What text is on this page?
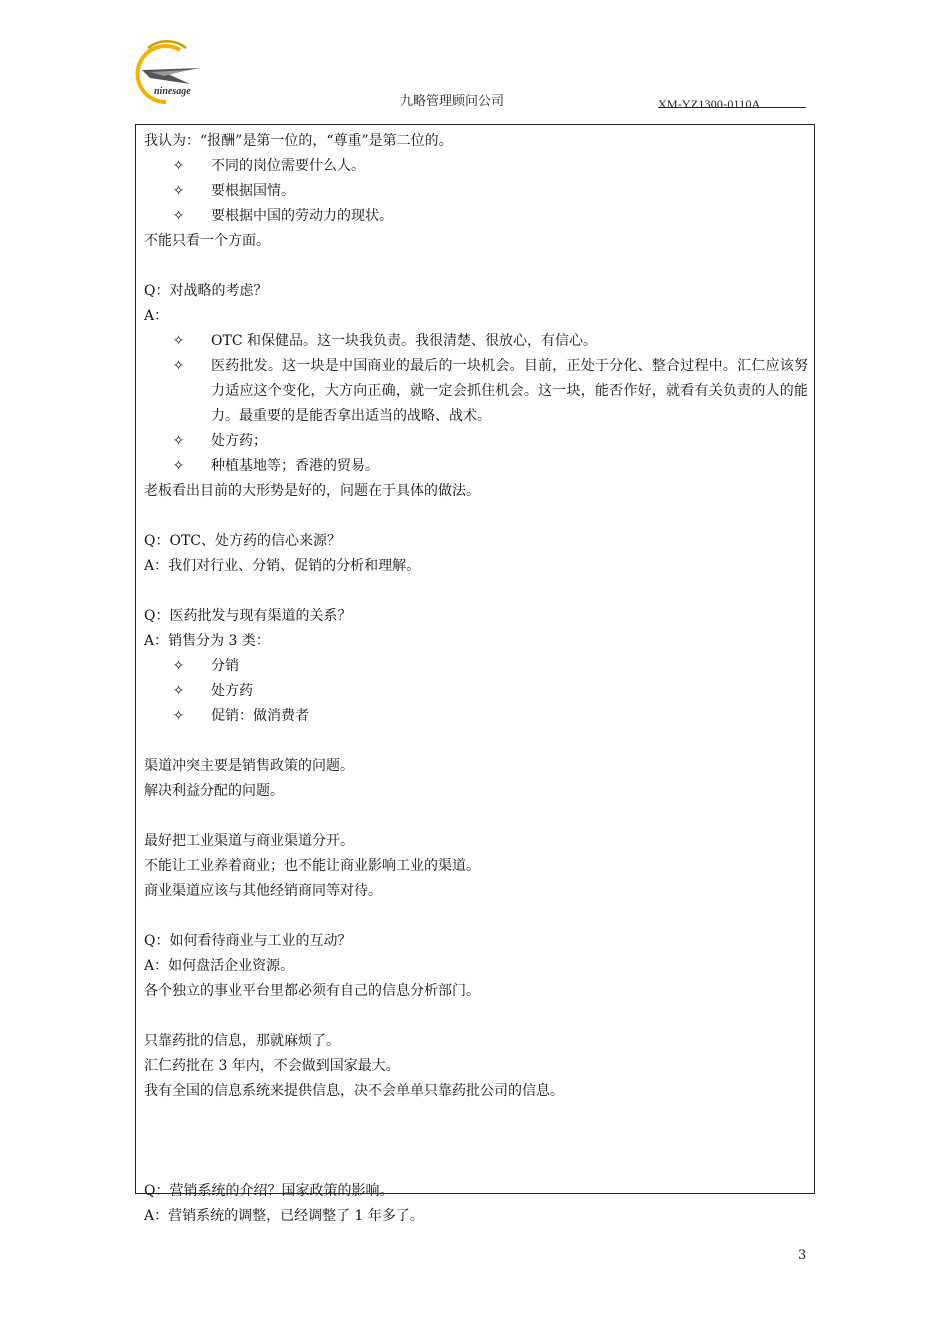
ninesage
九略管理顾问公司	XM-YZ1300-0110A
我认为：“报酬”是第一位的，“尊重”是第二位的。
✧	不同的岗位需要什么人。
✧	要根据国情。
✧	要根据中国的劳动力的现状。
不能只看一个方面。
Q：对战略的考虑？
A：
✧	OTC 和保健品。这一块我负责。我很清楚、很放心，有信心。
✧	医药批发。这一块是中国商业的最后的一块机会。目前，正处于分化、整合过程中。汇仁应该努力适应这个变化，大方向正确，就一定会抓住机会。这一块，能否作好，就看有关负责的人的能力。最重要的是能否拿出适当的战略、战术。
✧	处方药；
✧	种植基地等；香港的贸易。
老板看出目前的大形势是好的，问题在于具体的做法。
Q：OTC、处方药的信心来源？
A：我们对行业、分销、促销的分析和理解。
Q：医药批发与现有渠道的关系？
A：销售分为 3 类：
✧	分销
✧	处方药
✧	促销：做消费者
渠道冲突主要是销售政策的问题。
解决利益分配的问题。
最好把工业渠道与商业渠道分开。
不能让工业养着商业；也不能让商业影响工业的渠道。
商业渠道应该与其他经销商同等对待。
Q：如何看待商业与工业的互动？
A：如何盘活企业资源。
各个独立的事业平台里都必须有自己的信息分析部门。
只靠药批的信息，那就麻烦了。
汇仁药批在 3 年内，不会做到国家最大。
我有全国的信息系统来提供信息，决不会单单只靠药批公司的信息。
Q：营销系统的介绍？国家政策的影响。
A：营销系统的调整，已经调整了 1 年多了。
3
